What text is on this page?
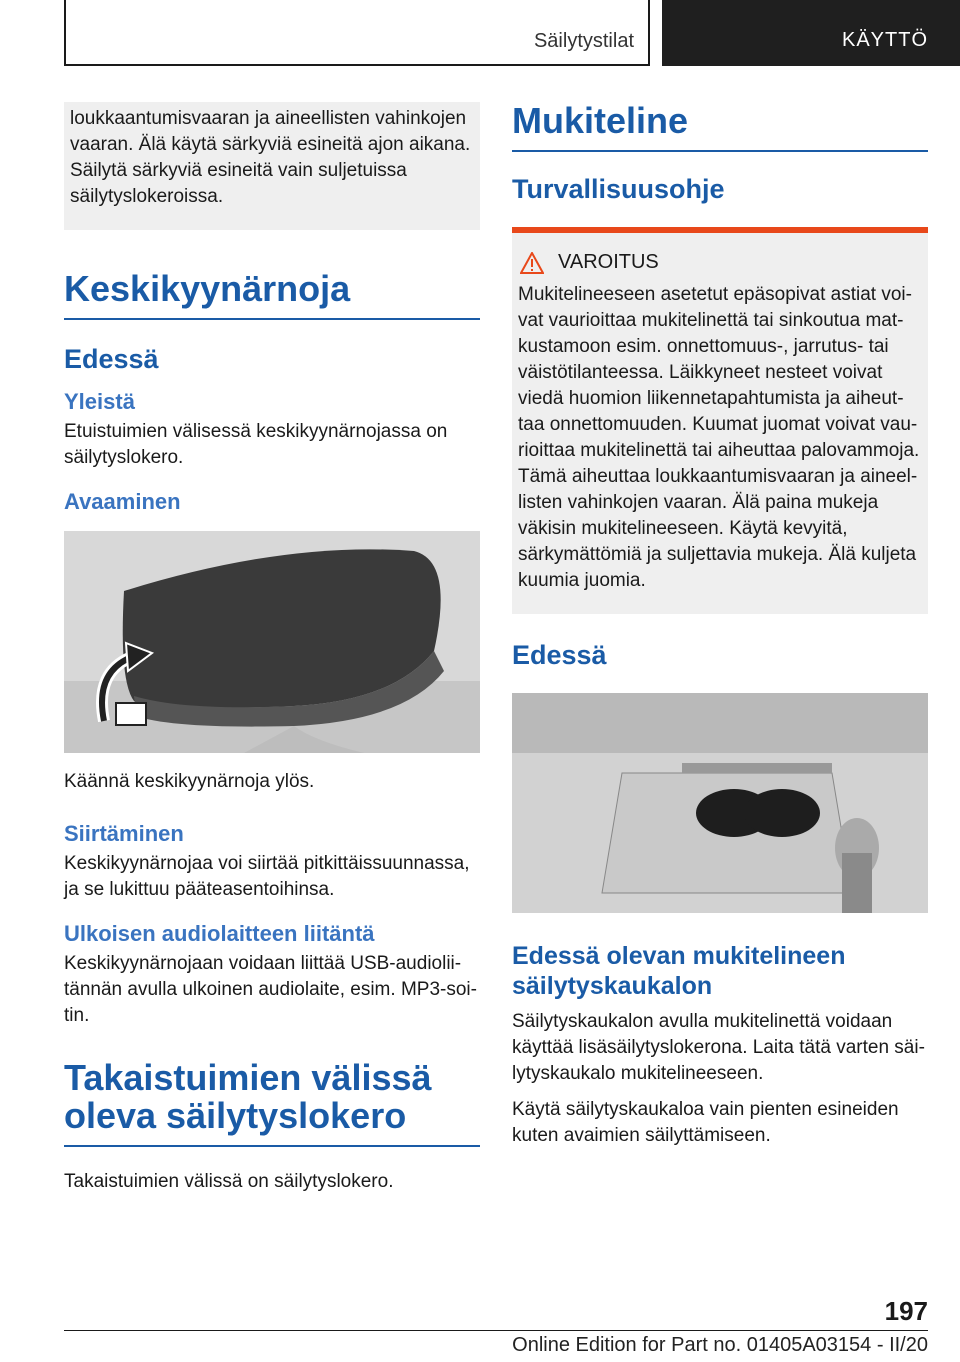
Säilytystilat	KÄYTTÖ

loukkaantumisvaaran ja aineellisten vahinkojen vaaran. Älä käytä särkyviä esineitä ajon aikana. Säilytä särkyviä esineitä vain suljetuissa säilytyslokeroissa.

Keskikyynärnoja
Edessä
Yleistä

Etuistuimien välisessä keskikyynärnojassa on säilytyslokero.

Avaaminen

Käännä keskikyynärnoja ylös.

Siirtäminen

Keskikyynärnojaa voi siirtää pitkittäissuunnassa, ja se lukittuu pääteasentoihinsa.

Ulkoisen audiolaitteen liitäntä

Keskikyynärnojaan voidaan liittää USB-audioliitännän avulla ulkoinen audiolaite, esim. MP3-soitin.

Takaistuimien välissä oleva säilytyslokero

Takaistuimien välissä on säilytyslokero.

Mukiteline
Turvallisuusohje
VAROITUS

Mukitelineeseen asetetut epäsopivat astiat voivat vaurioittaa mukitelinettä tai sinkoutua matkustamoon esim. onnettomuus-, jarrutus- tai väistötilanteessa. Läikkyneet nesteet voivat viedä huomion liikennetapahtumista ja aiheuttaa onnettomuuden. Kuumat juomat voivat vaurioittaa mukitelinettä tai aiheuttaa palovammoja. Tämä aiheuttaa loukkaantumisvaaran ja aineellisten vahinkojen vaaran. Älä paina mukeja väkisin mukitelineeseen. Käytä kevyitä, särkymättömiä ja suljettavia mukeja. Älä kuljeta kuumia juomia.

Edessä
Edessä olevan mukitelineen säilytyskaukalon

Säilytyskaukalon avulla mukitelinettä voidaan käyttää lisäsäilytyslokerona. Laita tätä varten säilytyskaukalo mukitelineeseen.

Käytä säilytyskaukaloa vain pienten esineiden kuten avaimien säilyttämiseen.

197
Online Edition for Part no. 01405A03154 - II/20
